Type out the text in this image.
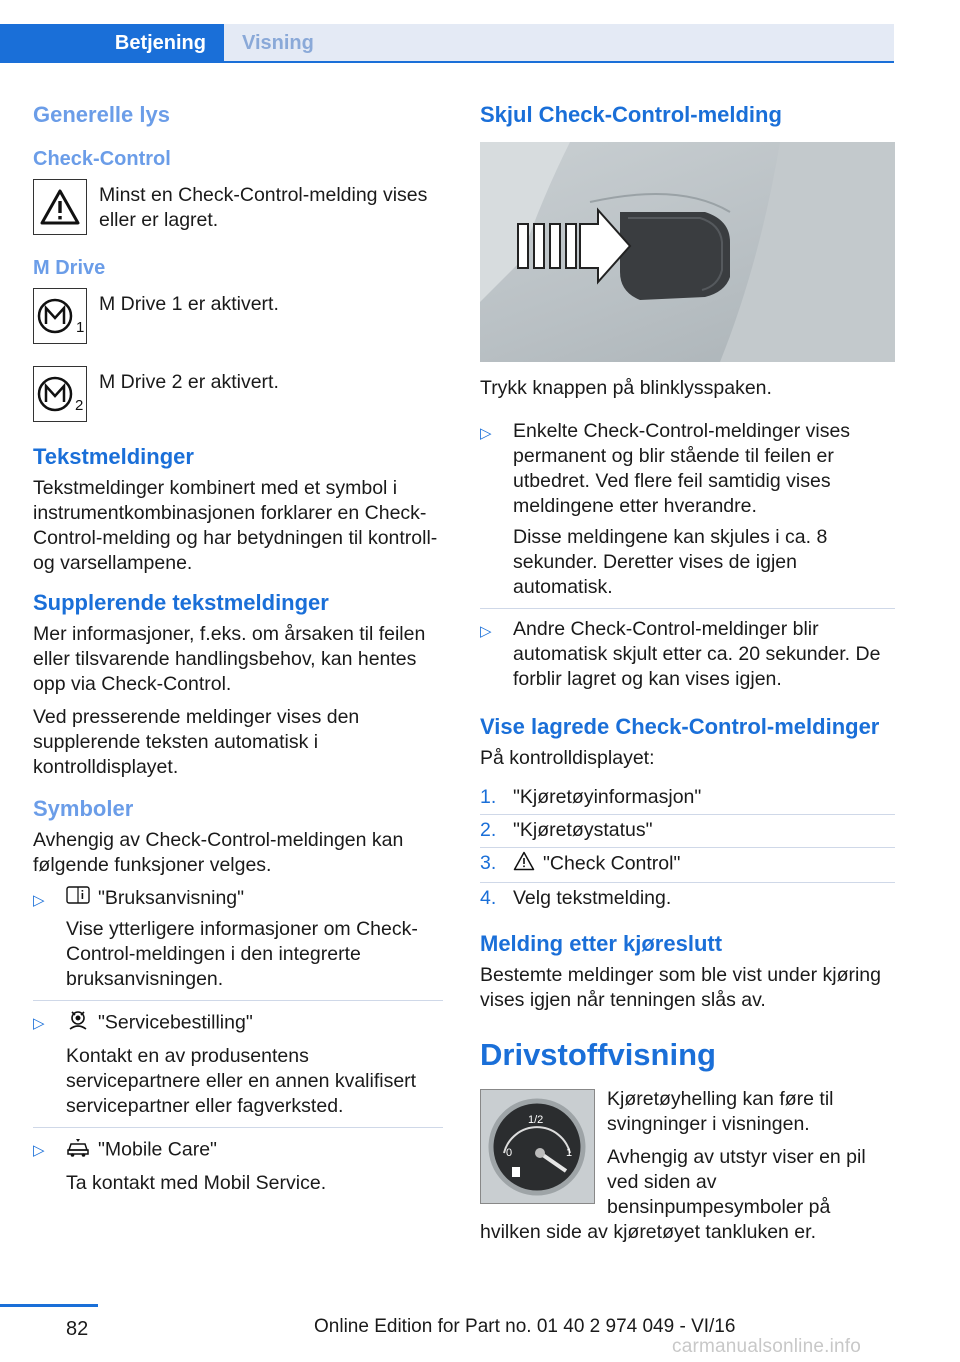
Betjening	Visning
Generelle lys
Check-Control
Minst en Check-Control-melding vises eller er lagret.
M Drive
1
M Drive 1 er aktivert.
2
M Drive 2 er aktivert.
Tekstmeldinger

Tekstmeldinger kombinert med et symbol i instrumentkombinasjonen forklarer en Check-Control-melding og har betydningen til kontroll- og varsellampene.

Supplerende tekstmeldinger

Mer informasjoner, f.eks. om årsaken til feilen eller tilsvarende handlingsbehov, kan hentes opp via Check-Control.

Ved presserende meldinger vises den supplerende teksten automatisk i kontrolldisplayet.

Symboler

Avhengig av Check-Control-meldingen kan følgende funksjoner velges.

▷	"Bruksanvisning"
Vise ytterligere informasjoner om Check-Control-meldingen i den integrerte bruksanvisningen.
▷	"Servicebestilling"
Kontakt en av produsentens servicepartnere eller en annen kvalifisert servicepartner eller fagverksted.
▷	"Mobile Care"
Ta kontakt med Mobil Service.
Skjul Check-Control-melding

Trykk knappen på blinklysspaken.

▷ Enkelte Check-Control-meldinger vises permanent og blir stående til feilen er utbedret. Ved flere feil samtidig vises meldingene etter hverandre.
Disse meldingene kan skjules i ca. 8 sekunder. Deretter vises de igjen automatisk.
▷ Andre Check-Control-meldinger blir automatisk skjult etter ca. 20 sekunder. De forblir lagret og kan vises igjen.
Vise lagrede Check-Control-meldinger

På kontrolldisplayet:

1. "Kjøretøyinformasjon"
2. "Kjøretøystatus"
3. "Check Control"
4. Velg tekstmelding.
Melding etter kjøreslutt

Bestemte meldinger som ble vist under kjøring vises igjen når tenningen slås av.

Drivstoffvisning
1/2
0	1

Kjøretøyhelling kan føre til svingninger i visningen.

Avhengig av utstyr viser en pil ved siden av bensinpumpesymboler på hvilken side av kjøretøyet tankluken er.

82	Online Edition for Part no. 01 40 2 974 049 - VI/16
carmanualsonline.info
